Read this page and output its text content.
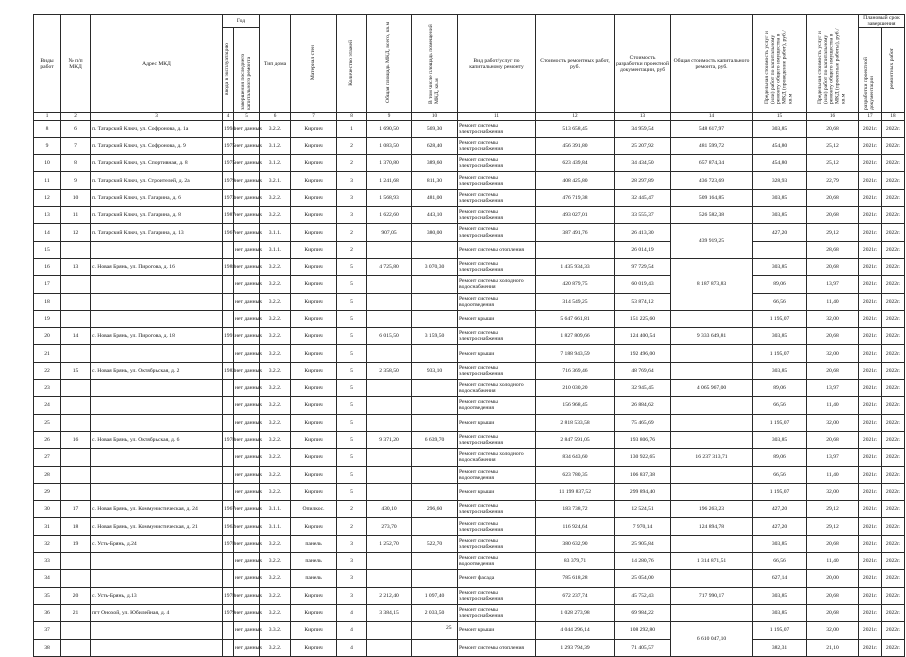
Виды работ	№ п/п МКД	Адрес МКД	Год		Тип дома	Материал стен	Количество этажей	Общая площадь МКД, всего, кв.м	В том числе площадь помещений МКД, кв.м	Вид работ/услуг по капитальному ремонту	Стоимость ремонтных работ, руб.	Стоимость разработки проектной документации, руб	Общая стоимость капитального ремонта, руб.	Предельная стоимость услуг и (или) работ по капитальному ремонту общего имущества в МКД (проведение работ), руб./кв.м	Предельная стоимость услуг и (или) работ по капитальному ремонту общего имущества в МКД (проектные работы), руб./кв.м	Плановый срок завершения	
			ввода в эксплуатацию	завершения последнего капитального ремонта												разработки проектной документации	ремонтных работ
1	2	3	4	5	6	7	8	9	10	11	12	13	14	15	16	17	18
8	6	п. Татарский Ключ, ул. Софронова, д. 1а	1994	нет данных	3.2.2.	Кирпич	1	1 690,50	569,30	Ремонт системы электроснабжения	513 658,45	34 959,54	548 617,97	303,85	20,68	2021г.	2022г.
9	7	п. Татарский Ключ, ул. Софронова, д. 9	1975	нет данных	3.1.2.	Кирпич	2	1 083,50	628,40	Ремонт системы электроснабжения	456 391,80	25 207,92	481 599,72	454,80	25,12	2021г.	2022г.
10	8	п. Татарский Ключ, ул. Спортивная, д. 8	1975	нет данных	3.1.2.	Кирпич	2	1 370,80	389,60	Ремонт системы электроснабжения	623 439,84	34 434,50	657 874,34	454,80	25,12	2021г.	2022г.
11	9	п. Татарский Ключ, ул. Строителей, д. 2а	1979	нет данных	3.2.1.	Кирпич	3	1 241,68	811,30	Ремонт системы электроснабжения	408 425,80	28 297,89	436 723,69	328,93	22,79	2021г.	2022г.
12	10	п. Татарский Ключ, ул. Гагарина, д. 6	1973	нет данных	3.2.2.	Кирпич	3	1 568,93	481,00	Ремонт системы электроснабжения	476 719,38	32 445,47	509 164,85	303,85	20,68	2021г.	2022г.
13	11	п. Татарский Ключ, ул. Гагарина, д. 8	1987	нет данных	3.2.2.	Кирпич	3	1 622,60	443,10	Ремонт системы электроснабжения	493 027,01	33 555,37	526 582,38	303,85	20,68	2021г.	2022г.
14	12	п. Татарский Ключ, ул. Гагарина, д. 13	1967	нет данных	3.1.1.	Кирпич	2	907,05	380,00	Ремонт системы электроснабжения	387 491,76	26 413,30	439 919,25	427,20	29,12	2021г.	2022г.
15				нет данных	3.1.1.	Кирпич	2			Ремонт системы отопления		26 014,19			28,68	2021г.	2022г.
16	13	с. Новая Брянь, ул. Пирогова, д. 16	1988	нет данных	3.2.2.	Кирпич	5	4 725,80	3 070,30	Ремонт системы электроснабжения	1 435 934,33	97 729,54	8 187 873,83	303,85	20,68	2021г.	2022г.
17				нет данных	3.2.2.	Кирпич	5			Ремонт системы холодного водоснабжения	420 879,75	60 019,43		89,06	13,97	2021г.	2022г.
18				нет данных	3.2.2.	Кирпич	5			Ремонт системы водоотведения	314 549,25	53 874,12		66,56	11,40	2021г.	2022г.
19				нет данных	3.2.2.	Кирпич	5			Ремонт крыши	5 647 661,81	151 225,60		1 195,07	32,00	2021г.	2022г.
20	14	с. Новая Брянь, ул. Пирогова, д. 18	1991	нет данных	3.2.2.	Кирпич	5	6 015,50	3 159,50	Ремонт системы электроснабжения	1 827 809,66	124 400,54	9 333 649,81	303,85	20,68	2021г.	2022г.
21				нет данных	3.2.2.	Кирпич	5			Ремонт крыши	7 188 943,59	192 496,00		1 195,07	32,00	2021г.	2022г.
22	15	с. Новая Брянь, ул. Октябрьская, д. 2	1983	нет данных	3.2.2.	Кирпич	5	2 358,50	933,10	Ремонт системы электроснабжения	716 369,46	48 769,64		303,85	20,68	2021г.	2022г.
23				нет данных	3.2.2.	Кирпич	5			Ремонт системы холодного водоснабжения	210 030,20	32 945,45	4 065 967,00	89,06	13,97	2021г.	2022г.
24				нет данных	3.2.2.	Кирпич	5			Ремонт системы водоотведения	156 968,45	26 884,62		66,56	11,40	2021г.	2022г.
25				нет данных	3.2.2.	Кирпич	5			Ремонт крыши	2 818 533,58	75 465,69		1 195,07	32,00	2021г.	2022г.
26	16	с. Новая Брянь, ул. Октябрьская, д. 6	1978	нет данных	3.2.2.	Кирпич	5	9 371,20	6 639,70	Ремонт системы электроснабжения	2 847 591,05	193 806,76		303,85	20,68	2021г.	2022г.
27				нет данных	3.2.2.	Кирпич	5			Ремонт системы холодного водоснабжения	834 643,60	130 922,65	16 237 313,71	89,06	13,97	2021г.	2022г.
28				нет данных	3.2.2.	Кирпич	5			Ремонт системы водоотведения	623 780,35	106 837,38		66,56	11,40	2021г.	2022г.
29				нет данных	3.2.2.	Кирпич	5			Ремонт крыши	11 199 837,52	299 894,40		1 195,07	32,00	2021г.	2022г.
30	17	с. Новая Брянь, ул. Коммунистическая, д. 24	1967	нет данных	3.1.1.	Опилкос.	2	430,10	296,60	Ремонт системы электроснабжения	183 738,72	12 524,51	196 263,23	427,20	29,12	2021г.	2022г.
31	18	с. Новая Брянь, ул. Коммунистическая, д. 21	1962	нет данных	3.1.1.	Кирпич	2	273,70		Ремонт системы электроснабжения	116 924,64	7 970,14	124 894,78	427,20	29,12	2021г.	2022г.
32	19	с. Усть-Брянь, д.24	1978	нет данных	3.2.2.	панель	3	1 252,70	522,70	Ремонт системы электроснабжения	380 632,90	25 905,84		303,85	20,68	2021г.	2022г.
33				нет данных	3.2.2.	панель	3			Ремонт системы водоотведения	83 379,71	14 280,76	1 314 871,51	66,56	11,40	2021г.	2022г.
34				нет данных	3.2.2.	панель	3			Ремонт фасада	785 618,28	25 054,00		627,14	20,00	2021г.	2022г.
35	20	с. Усть-Брянь, д.13	1978	нет данных	3.2.2.	Кирпич	3	2 212,40	1 097,40	Ремонт системы электроснабжения	672 237,74	45 752,43	717 990,17	303,85	20,68	2021г.	2022г.
36	21	пгт Онохой, ул. Юбилейная, д. 4	1979	нет данных	3.2.2.	Кирпич	4	3 384,15	2 033,50	Ремонт системы электроснабжения	1 028 273,98	69 984,22		303,85	20,68	2021г.	2022г.
37				нет данных	3.3.2.	Кирпич	4			Ремонт крыши	4 044 296,14	108 292,80	6 610 047,10	1 195,07	32,00	2021г.	2022г.
38				нет данных	3.2.2.	Кирпич	4			Ремонт системы отопления	1 293 794,39	71 405,57		382,31	21,10	2021г.	2022г.
25
